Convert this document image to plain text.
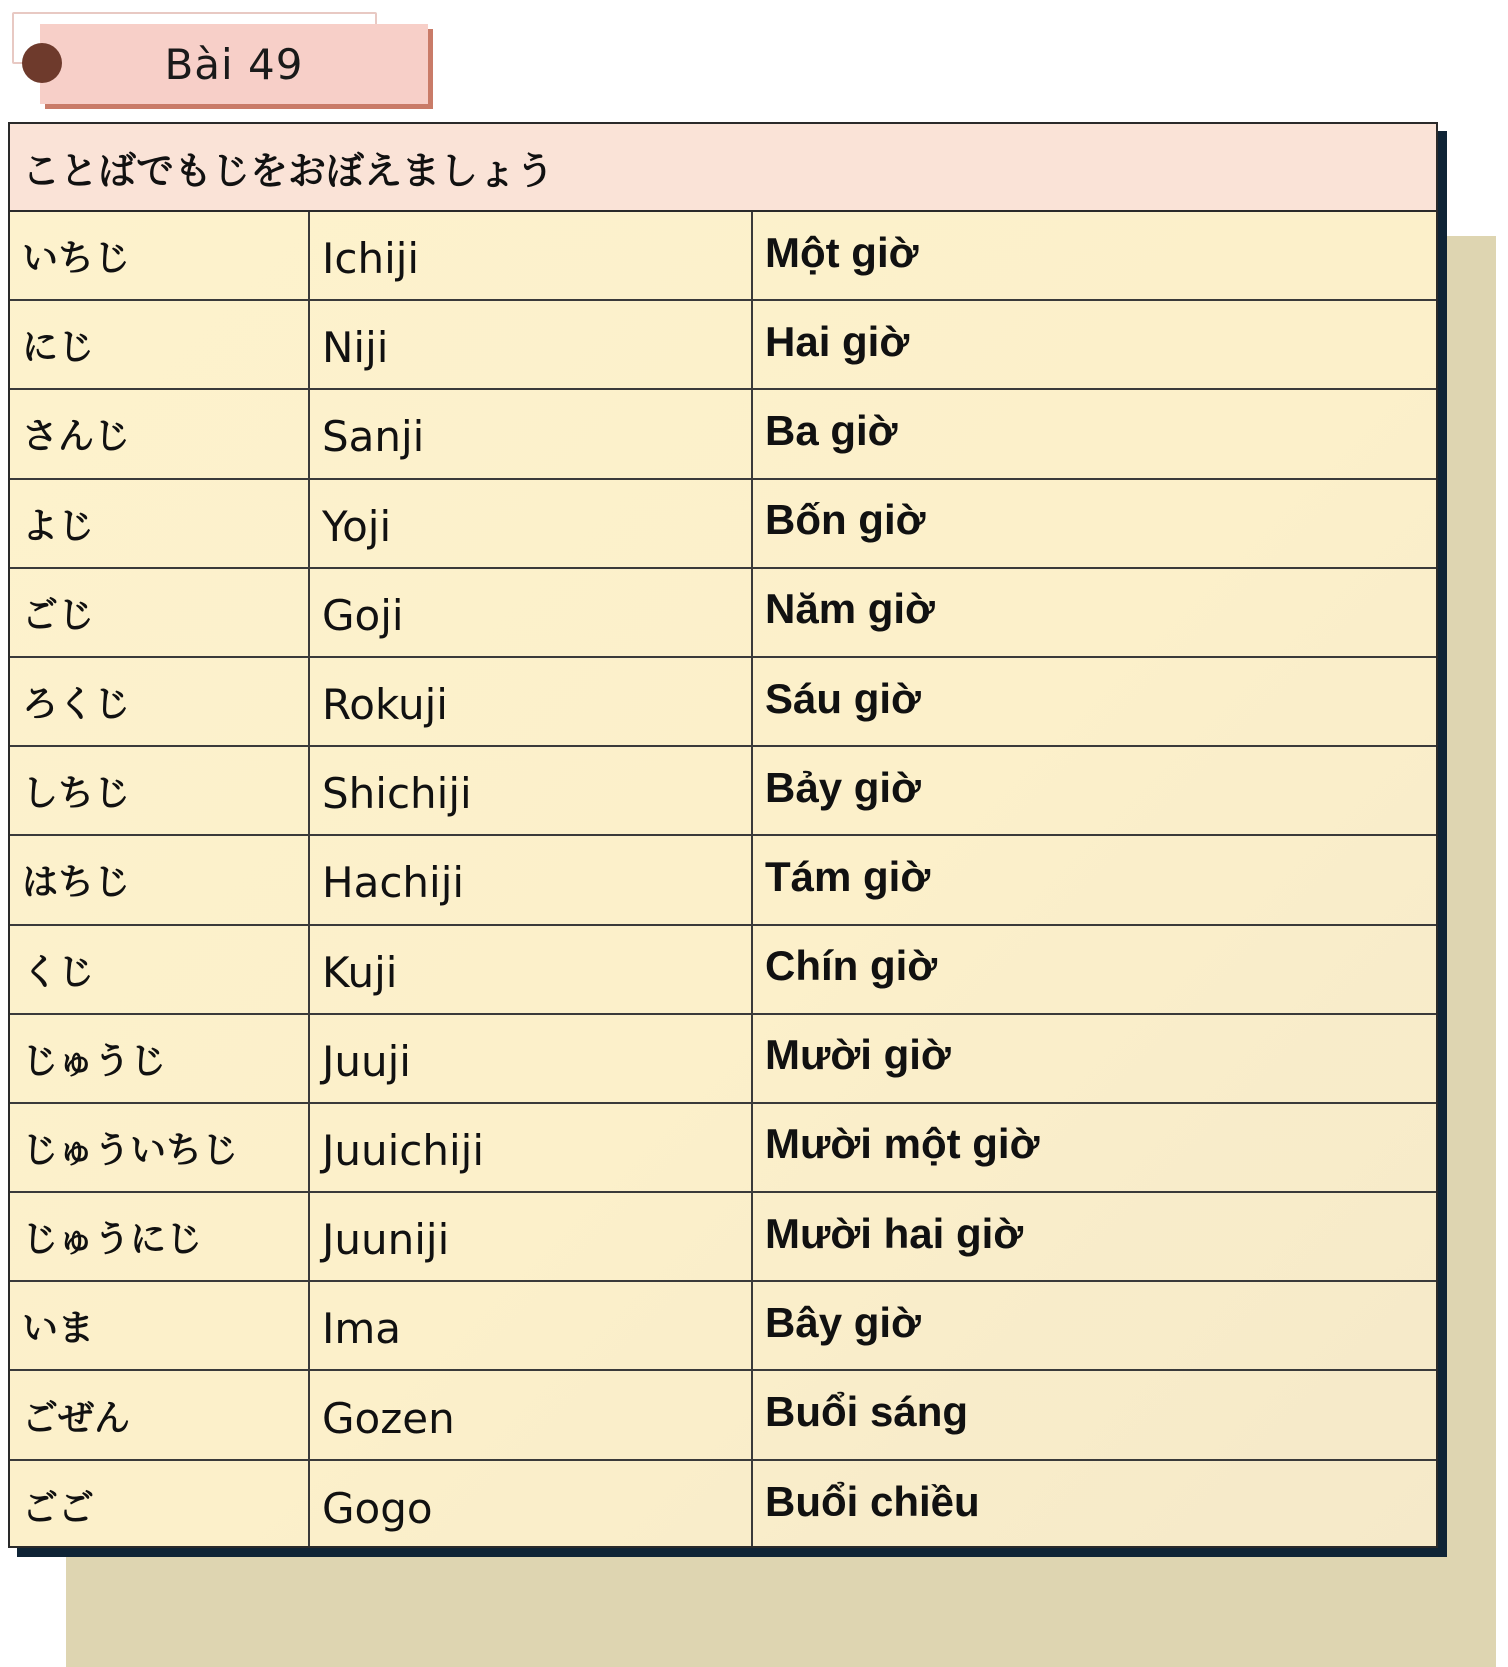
Bài 49
ことばでもじをおぼえましょう
いちじ	Ichiji	Một giờ
にじ	Niji	Hai giờ
さんじ	Sanji	Ba giờ
よじ	Yoji	Bốn giờ
ごじ	Goji	Năm giờ
ろくじ	Rokuji	Sáu giờ
しちじ	Shichiji	Bảy giờ
はちじ	Hachiji	Tám giờ
くじ	Kuji	Chín giờ
じゅうじ	Juuji	Mười giờ
じゅういちじ	Juuichiji	Mười một giờ
じゅうにじ	Juuniji	Mười hai giờ
いま	Ima	Bây giờ
ごぜん	Gozen	Buổi sáng
ごご	Gogo	Buổi chiều
